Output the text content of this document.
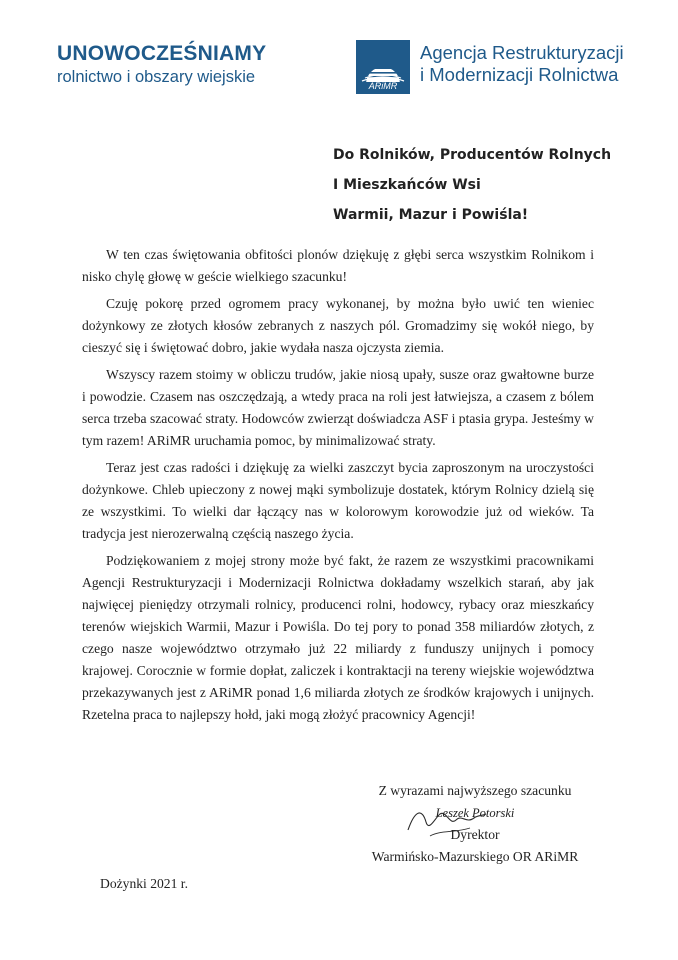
UNOWOCZEŚNIAMY
rolnictwo i obszary wiejskie	ARiMR
Agencja Restrukturyzacji
i Modernizacji Rolnictwa
Do Rolników, Producentów Rolnych
I Mieszkańców Wsi
Warmii, Mazur i Powiśla!

W ten czas świętowania obfitości plonów dziękuję z głębi serca wszystkim Rolnikom i nisko chylę głowę w geście wielkiego szacunku!

Czuję pokorę przed ogromem pracy wykonanej, by można było uwić ten wieniec dożynkowy ze złotych kłosów zebranych z naszych pól. Gromadzimy się wokół niego, by cieszyć się i świętować dobro, jakie wydała nasza ojczysta ziemia.

Wszyscy razem stoimy w obliczu trudów, jakie niosą upały, susze oraz gwałtowne burze i powodzie. Czasem nas oszczędzają, a wtedy praca na roli jest łatwiejsza, a czasem z bólem serca trzeba szacować straty. Hodowców zwierząt doświadcza ASF i ptasia grypa. Jesteśmy w tym razem! ARiMR uruchamia pomoc, by minimalizować straty.

Teraz jest czas radości i dziękuję za wielki zaszczyt bycia zaproszonym na uroczystości dożynkowe. Chleb upieczony z nowej mąki symbolizuje dostatek, którym Rolnicy dzielą się ze wszystkimi. To wielki dar łączący nas w kolorowym korowodzie już od wieków. Ta tradycja jest nierozerwalną częścią naszego życia.

Podziękowaniem z mojej strony może być fakt, że razem ze wszystkimi pracownikami Agencji Restrukturyzacji i Modernizacji Rolnictwa dokładamy wszelkich starań, aby jak najwięcej pieniędzy otrzymali rolnicy, producenci rolni, hodowcy, rybacy oraz mieszkańcy terenów wiejskich Warmii, Mazur i Powiśla. Do tej pory to ponad 358 miliardów złotych, z czego nasze województwo otrzymało już 22 miliardy z funduszy unijnych i pomocy krajowej. Corocznie w formie dopłat, zaliczek i kontraktacji na tereny wiejskie województwa przekazywanych jest z ARiMR ponad 1,6 miliarda złotych ze środków krajowych i unijnych. Rzetelna praca to najlepszy hołd, jaki mogą złożyć pracownicy Agencji!

Z wyrazami najwyższego szacunku
Leszek Potorski
Dyrektor
Warmińsko-Mazurskiego OR ARiMR
Dożynki 2021 r.
